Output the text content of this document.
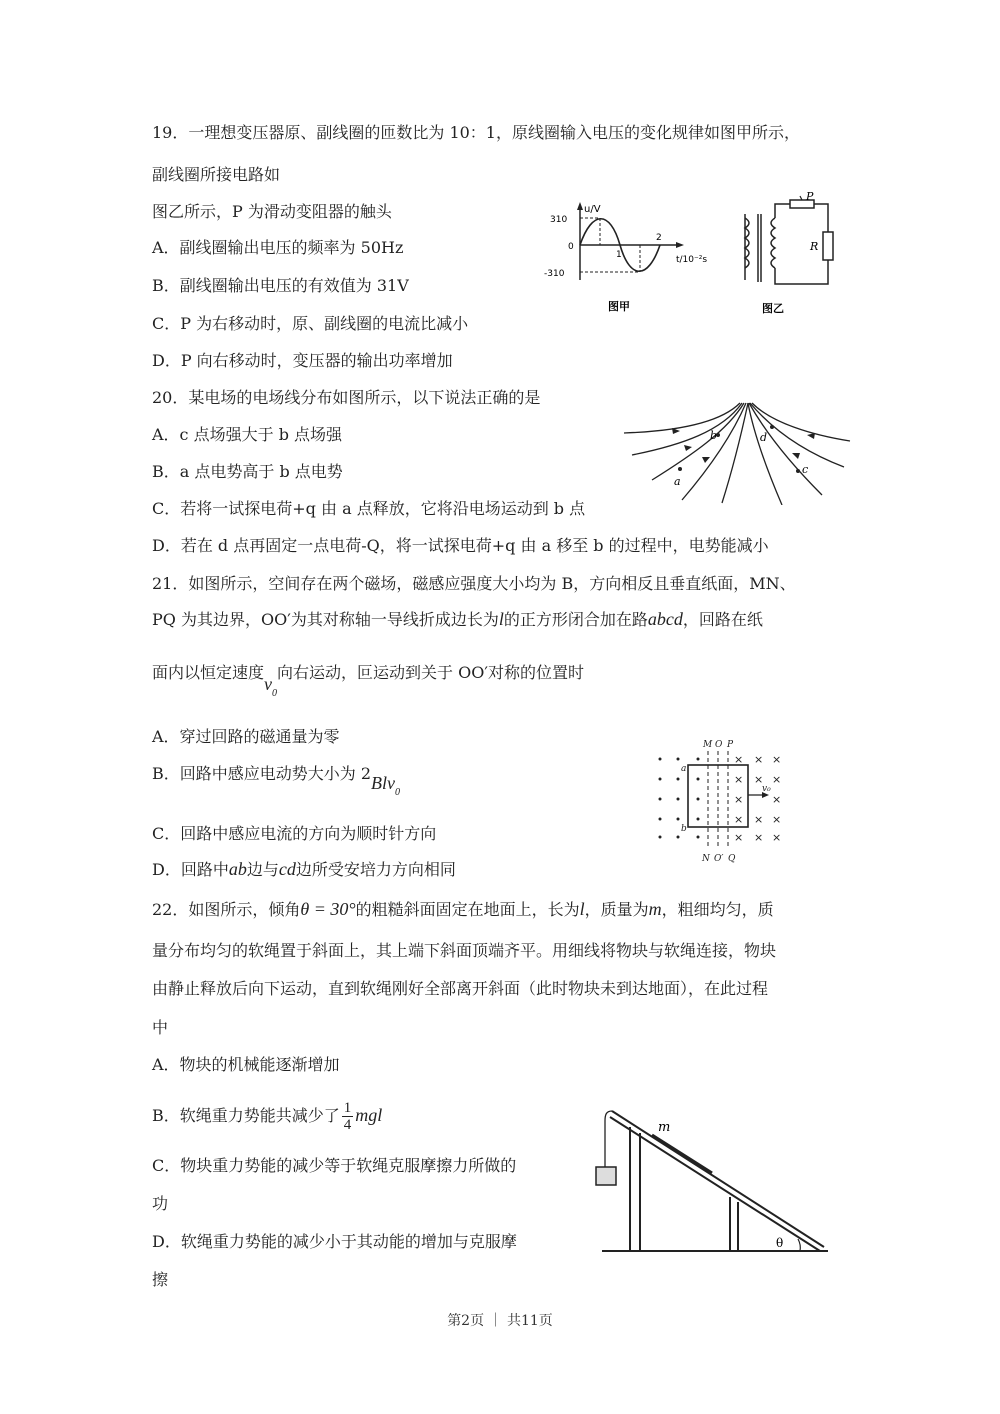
19．一理想变压器原、副线圈的匝数比为 10：1，原线圈输入电压的变化规律如图甲所示，
副线圈所接电路如
图乙所示，P 为滑动变阻器的触头
A．副线圈输出电压的频率为 50Hz
B．副线圈输出电压的有效值为 31V
C．P 为右移动时，原、副线圈的电流比减小
D．P 向右移动时，变压器的输出功率增加
u/V
310
0
-310
1
2
t/10⁻²s
图甲
P
R
图乙
20．某电场的电场线分布如图所示，以下说法正确的是
A．c 点场强大于 b 点场强
B．a 点电势高于 b 点电势
C．若将一试探电荷+q 由 a 点释放，它将沿电场运动到 b 点
D．若在 d 点再固定一点电荷-Q，将一试探电荷+q 由 a 移至 b 的过程中，电势能减小
a
b	d
c
21．如图所示，空间存在两个磁场，磁感应强度大小均为 B，方向相反且垂直纸面，MN、
PQ 为其边界，OO′为其对称轴一导线折成边长为l的正方形闭合加在路abcd，回路在纸
面内以恒定速度$v_0$向右运动，叵运动到关于 OO′对称的位置时
A．穿过回路的磁通量为零
B．回路中感应电动势大小为 2Blv$_0$
C．回路中感应电流的方向为顺时针方向
D．回路中ab边与cd边所受安培力方向相同
× × ×
× × ×
×	×
× × ×
× × ×
M O P
N O′ Q
v₀
a
b
22．如图所示，倾角θ = 30°的粗糙斜面固定在地面上，长为l，质量为m，粗细均匀，质
量分布均匀的软绳置于斜面上，其上端下斜面顶端齐平。用细线将物块与软绳连接，物块
由静止释放后向下运动，直到软绳刚好全部离开斜面（此时物块未到达地面），在此过程
中
A．物块的机械能逐渐增加
B．软绳重力势能共减少了 $\frac{1}{4}$ mgl
C．物块重力势能的减少等于软绳克服摩擦力所做的
功
D．软绳重力势能的减少小于其动能的增加与克服摩
擦
m
θ
第2页 ｜ 共11页
